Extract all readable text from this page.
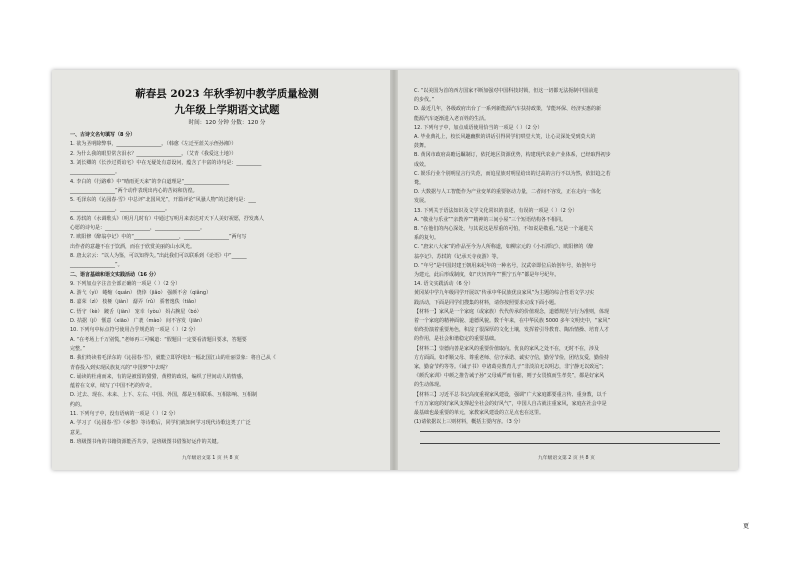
蕲春县 2023 年秋季初中教学质量检测
九年级上学期语文试题
时间：120 分钟 分数：120 分
一、古诗文名句填写（8 分）
1. 欲为圣明除弊事，__________________。（韩愈《左迁至蓝关示侄孙湘》）
2. 为什么我的眼里常含泪水？__________________。（艾青《我爱这土地》）
3. 刘长卿的《长沙过贾谊宅》中在无疑处有意设问，蕴含了丰富的诗句是：__________
__________________。
4. 李白的《行路难》中“晴雨更天来”的李白道理是“__________________
__________________”两个动作表现出内心的苦闷和彷徨。
5. 毛泽东的《沁园春·雪》中总评“北国风光”，开篇评论“风骚人物”的过渡句是：___
__________________，__________________。
6. 苏轼的《水调歌头》（明月几时有）中通过写明月来表达对天下人美好祝愿，抒发离人
心愿的诗句是：__________________，__________________。
7. 欧阳修《醉翁亭记》中的“__________________，__________________”两句写
出作者的意趣不在于饮酒，而在于欣赏美丽的山水风光。
8. 唐太宗云：“以人为鉴，可以知得失。”出此我们可以联系到《论语》中“______
__________________”。
二、语言基础和语文实践活动（16 分）
9. 下列加点字注音全部正确的一项是（ ）（2 分）
A. 游弋（yì） 蜷缩（quán） 侥倖（jiǎo） 强颜不舍（qiǎng）
B. 嘉荣（zì） 枝桠（jiàn） 潺弄（rǔ） 骄奢逸佚（tiǎo）
C. 悟守（kè） 踱舌（jiàn） 宠幸（yòu） 妈占腕星（bó）
D. 拮据（jí） 惬意（xiāo） 广袤（mào） 间不容发（jiān）
10. 下列句中标点符号使用合乎规范的一项是（ ）（2 分）
A. “在考场上千万别慌，”老师再三可嘱道：“假题目一定要看清题目要求，答题要
完整。”
B. 我们终读着毛泽东的《沁园春·雪》，就能立即浮现出一幅北国江山的壮丽景象：将自己从《
青春投入到实现民族复兴的“中国梦”中去呢？
C. 诵读的杜甫而来，有的是被留的猎猎，黄橙的政说，编织了世间动人的情感，
蕴着在文章，续写了中国不朽的传奇。
D. 过去、现在、未来、上下、左右、中国、外国，都是互相联系、互相影响、互相制
约的。
11. 下列句子中，没有语病的一项是（ ）（2 分）
A. 学习了《沁园春·雪》《乡愁》等诗歌后，同学们就知何学习现代诗歌这类了广泛
意见。
B. 班级图书角的书籍资源能否共享，是班级图书借鉴好运作的关键。
九年级语文第 1 页 共 8 页
C. “以美国为首的西方国家不断加强对中国科技封锁，但这一切都无法扼制中国前进
的步伐。”
D. 最近几年，各级政府出台了一系列新能源汽车扶持政策，节能环保、经济实惠的新
能源汽车逐渐进入老百姓的生活。
12. 下列句子中，加点成语使用恰当的一项是（ ）（2 分）
A. 毕业典礼上，校长风趣幽默的讲话引得同学们哄堂大笑，让心灵深处受到莫大的
鼓舞。
B. 黄冈市政府高瞻远瞩制订，依托地区资源优势，构建现代农业产业体系，已经取得初步
成效。
C. 娱乐行业个别明星言行失范，而追星族对明星给出的过高的言行不以为然，依旧趋之若
鹜。
D. 大数据与人工智能作为产业变革的重要驱动力量，二者间不容发，正在走向一体化
发展。
13. 下列关于语法知识及文学文化常识的表述，有误的一项是（ ）（2 分）
A. “敬业与乐业”“亲教养”“精神的三间小屋”三个短语结构各不相同。
B. “在他们的内心深处，与其说这是厚重的可怕，不如说是敬重。”这是一个递进关
系的复句。
C. “唐宋八大家”的作品至今为人所称道，如柳宗元的《小石潭记》、欧阳修的《醉
翁亭记》、苏轼的《记承天寺夜游》等。
D. “年号”是中国封建王朝用来纪年的一种名号，汉武帝即位后始创年号，始创年号
为建元，此后形成制度，如“庆历四年”“熙宁五年”都是年号纪年。
14. 语文实践活动（6 分）
黄冈某中学九年级同学开展以“传承中华民族优良家风”为主题的综合性语文学习实
践活动，下面是同学们搜集的材料，请你按照要求完成下面小题。
【材料一】家风是一个家庭（或家族）代代传承的价值观念，道德规范与行为准则，体现
着一个家庭的精神面貌、道德风貌。数千年来，在中华民族 5000 多年文明史中，“家风”
始终扮演着重要角色，积淀了很深厚的文化土壤，发挥着引导教育、陶冶情操、培育人才
的作用，是社会和谐稳定的重要基础。
【材料二】崇德向善是家风的重要价值取向。优良的家风之处不在，无时不在，涉及
方方面面。如孝顺父母、尊重老师、信守承诺、诚实守信，勤劳节俭，团结友爱，勤俭持
家，勤奋节约等等。《诫子书》中诸葛亮教育儿子“非淡泊无以明志，非宁静无以致远”；
《颜氏家训》中颜之推告诫子孙“父母威严而有慈，则子女畏慎而生孝矣”，都是好家风
的生动体现。
【材料三】习近平总书记高度重视家风建设，强调“广大家庭都要重言传、重身教，以千
千万万家庭的好家风支撑起全社会的好风气”，中国人自古就注重家风，家庭在社会中是
最基础也最重要的单元，家教家风建设的立足点也在这里。
(1)请依据以上三则材料，概括主要内容。（3 分）
九年级语文第 2 页 共 8 页
更
